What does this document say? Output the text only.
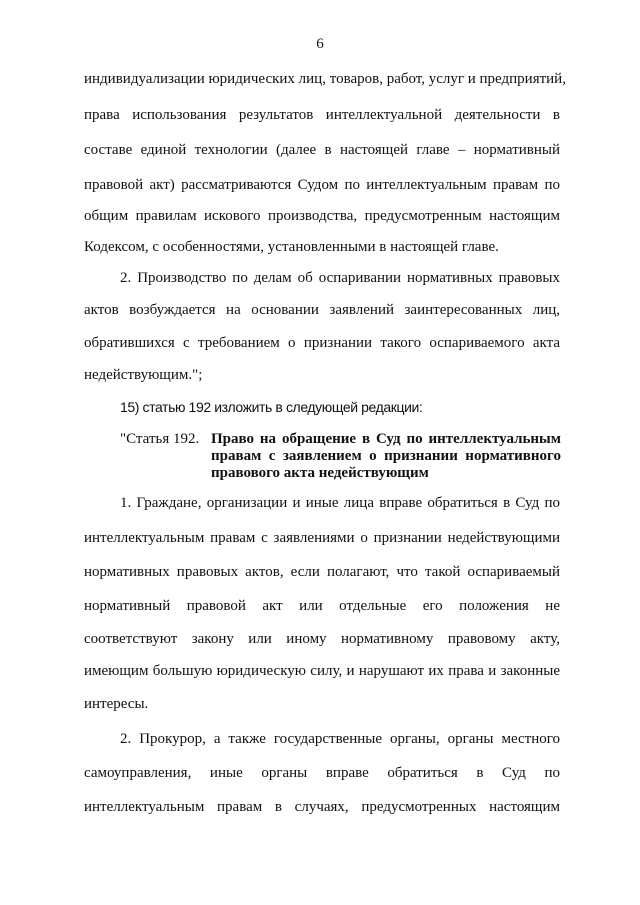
6
индивидуализации юридических лиц, товаров, работ, услуг и предприятий,
права использования результатов интеллектуальной деятельности в
составе единой технологии (далее в настоящей главе – нормативный
правовой акт) рассматриваются Судом по интеллектуальным правам по
общим правилам искового производства, предусмотренным настоящим
Кодексом, с особенностями, установленными в настоящей главе.
2. Производство по делам об оспаривании нормативных правовых
актов возбуждается на основании заявлений заинтересованных лиц,
обратившихся с требованием о признании такого оспариваемого акта
недействующим.";
15) статью 192 изложить в следующей редакции:
"Статья 192. Право на обращение в Суд по интеллектуальным
правам с заявлением о признании нормативного
правового акта недействующим
1. Граждане, организации и иные лица вправе обратиться в Суд по
интеллектуальным правам с заявлениями о признании недействующими
нормативных правовых актов, если полагают, что такой оспариваемый
нормативный правовой акт или отдельные его положения не
соответствуют закону или иному нормативному правовому акту,
имеющим большую юридическую силу, и нарушают их права и законные
интересы.
2. Прокурор, а также государственные органы, органы местного
самоуправления, иные органы вправе обратиться в Суд по
интеллектуальным правам в случаях, предусмотренных настоящим
